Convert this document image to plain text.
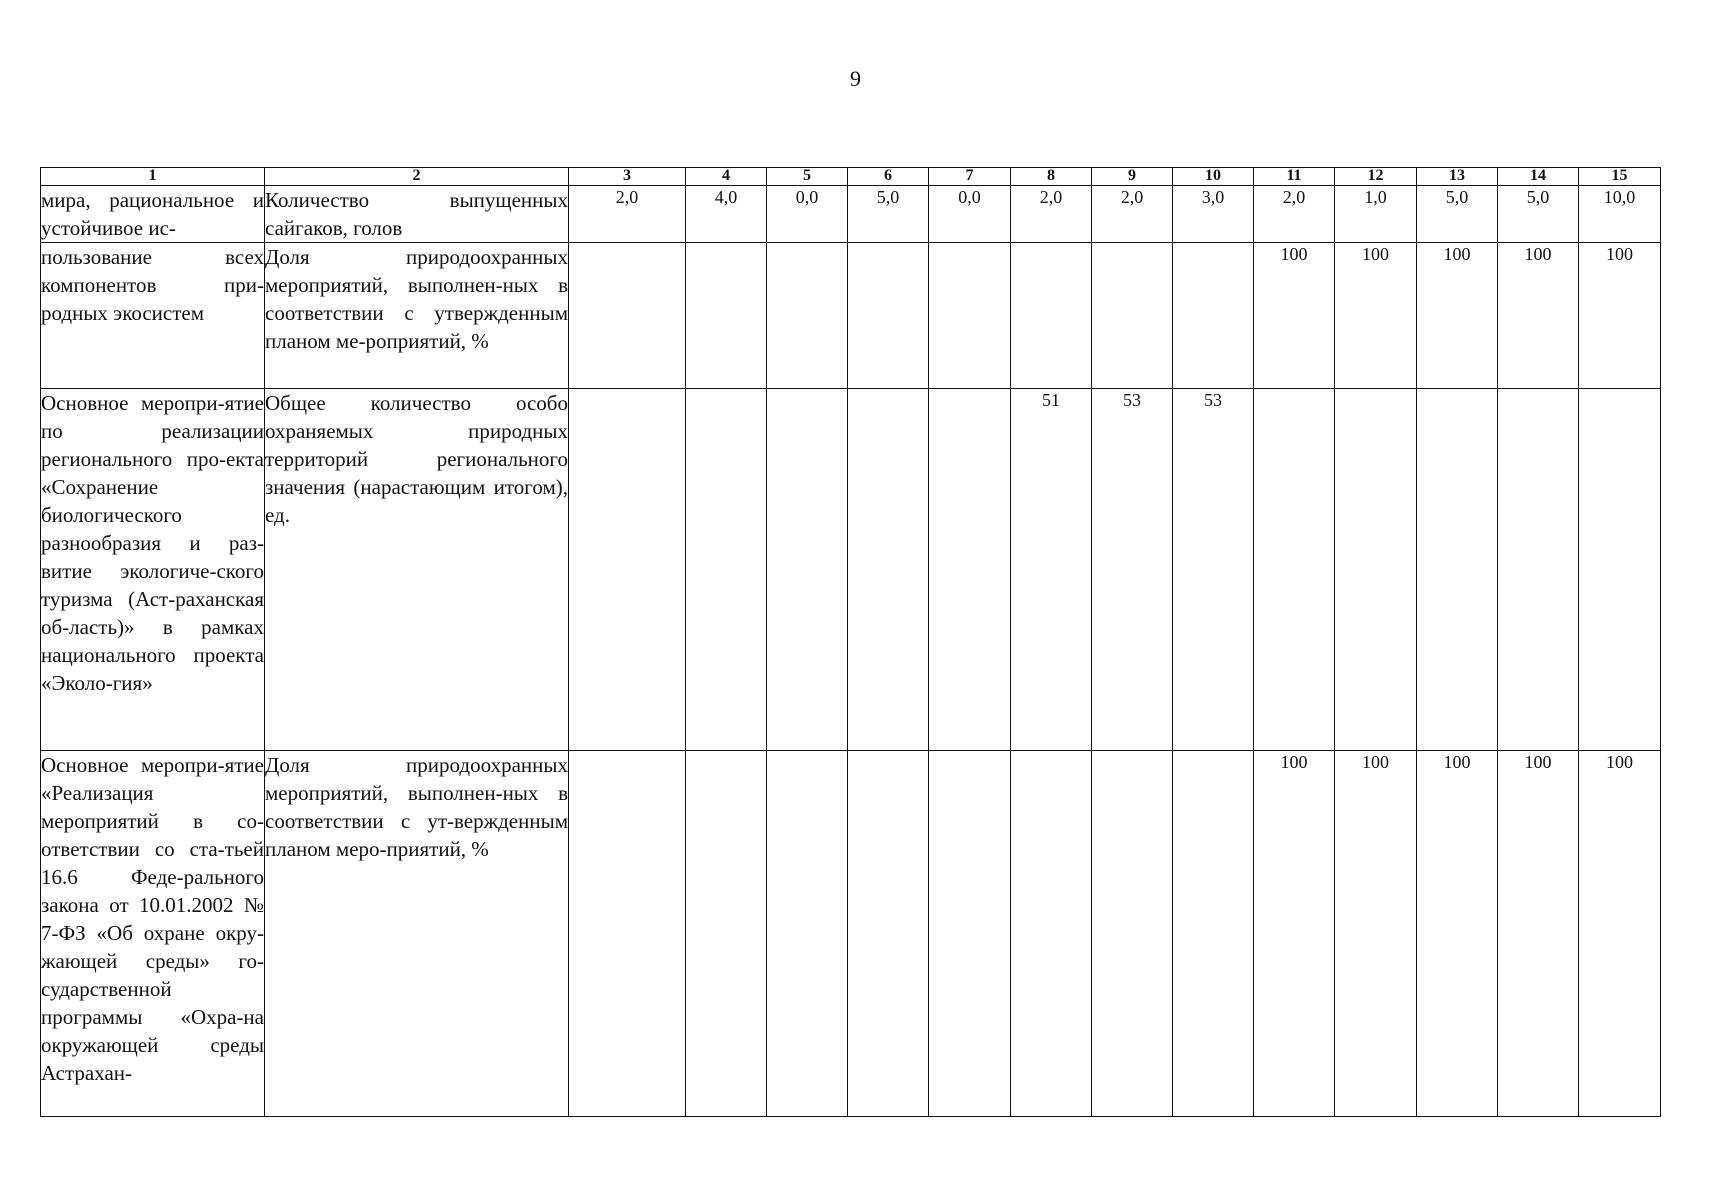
9
1	2	3	4	5	6	7	8	9	10	11	12	13	14	15
мира, рациональное и устойчивое ис-	Количество выпущенных сайгаков, голов	2,0	4,0	0,0	5,0	0,0	2,0	2,0	3,0	2,0	1,0	5,0	5,0	10,0
пользование всех компонентов при-родных экосистем	Доля природоохранных мероприятий, выполнен-ных в соответствии с утвержденным планом ме-роприятий, %									100	100	100	100	100
Основное меропри-ятие по реализации регионального про-екта «Сохранение биологического разнообразия и раз-витие экологиче-ского туризма (Аст-раханская об-ласть)» в рамках национального проекта «Эколо-гия»	Общее количество особо охраняемых природных территорий регионального значения (нарастающим итогом), ед.						51	53	53					
Основное меропри-ятие «Реализация мероприятий в со-ответствии со ста-тьей 16.6 Феде-рального закона от 10.01.2002 № 7-ФЗ «Об охране окру-жающей среды» го-сударственной программы «Охра-на окружающей среды Астрахан-	Доля природоохранных мероприятий, выполнен-ных в соответствии с ут-вержденным планом меро-приятий, %									100	100	100	100	100
